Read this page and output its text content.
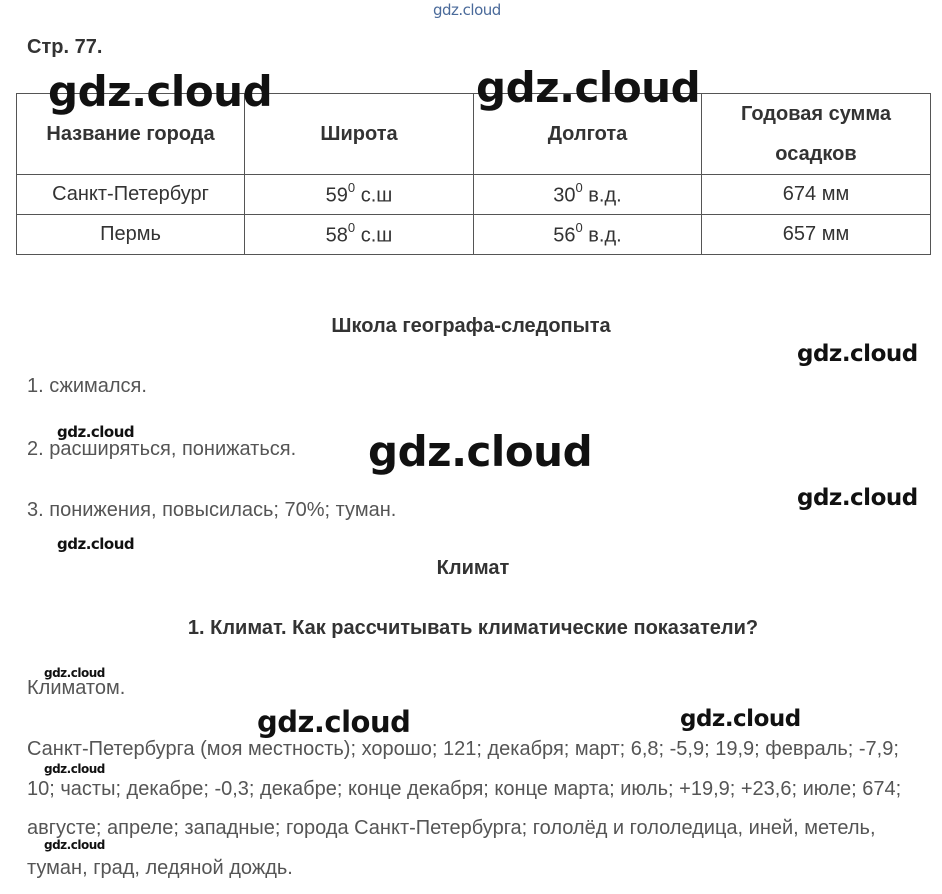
Стр. 77.
Название города	Широта	Долгота	Годовая сумма
осадков

Санкт-Петербург	$59^0$ с.ш	$30^0$ в.д.	674 мм
Пермь	$58^0$ с.ш	$56^0$ в.д.	657 мм
Школа географа-следопыта
1. сжимался.
2. расширяться, понижаться.
3. понижения, повысилась; 70%; туман.
Климат
1. Климат. Как рассчитывать климатические показатели?
Климатом.
Санкт-Петербурга (моя местность); хорошо; 121; декабря; март; 6,8; -5,9; 19,9; февраль; -7,9; 10; часты; декабре; -0,3; декабре; конце декабря; конце марта; июль; +19,9; +23,6; июле; 674; августе; апреле; западные; города Санкт-Петербурга; гололёд и гололедица, иней, метель, туман, град, ледяной дождь.
gdz.cloud
gdz.cloud	gdz.cloud
gdz.cloud
gdz.cloud	gdz.cloud
gdz.cloud
gdz.cloud
gdz.cloud
gdz.cloud	gdz.cloud
gdz.cloud
gdz.cloud
